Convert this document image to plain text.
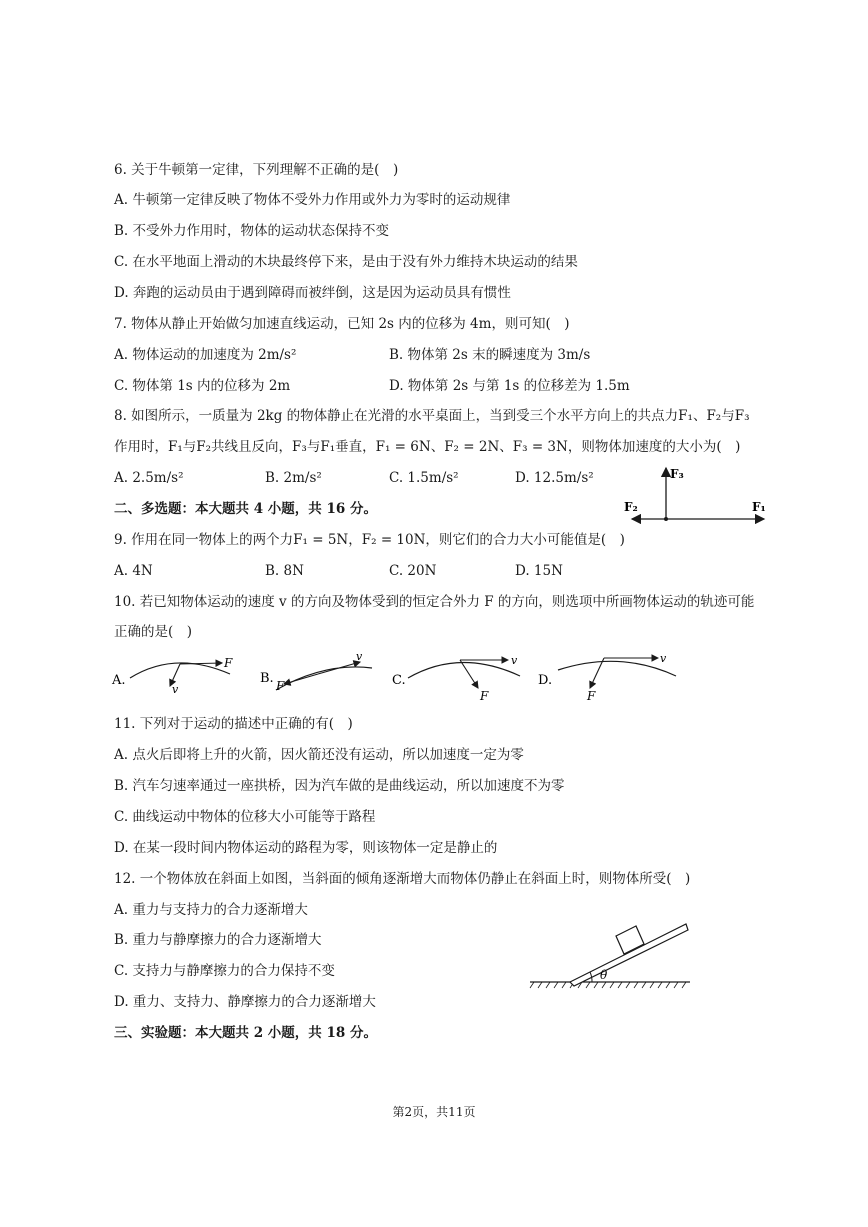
6. 关于牛顿第一定律，下列理解不正确的是(　)
A. 牛顿第一定律反映了物体不受外力作用或外力为零时的运动规律
B. 不受外力作用时，物体的运动状态保持不变
C. 在水平地面上滑动的木块最终停下来，是由于没有外力维持木块运动的结果
D. 奔跑的运动员由于遇到障碍而被绊倒，这是因为运动员具有惯性
7. 物体从静止开始做匀加速直线运动，已知 2s 内的位移为 4m，则可知(　)
A. 物体运动的加速度为 2m/s²	B. 物体第 2s 末的瞬速度为 3m/s
C. 物体第 1s 内的位移为 2m	D. 物体第 2s 与第 1s 的位移差为 1.5m
8. 如图所示，一质量为 2kg 的物体静止在光滑的水平桌面上，当到受三个水平方向上的共点力F₁、F₂与F₃
作用时，F₁与F₂共线且反向，F₃与F₁垂直，F₁ = 6N、F₂ = 2N、F₃ = 3N，则物体加速度的大小为(　)
A. 2.5m/s²	B. 2m/s²	C. 1.5m/s²	D. 12.5m/s²	F₃
F₂	F₁
二、多选题：本大题共 4 小题，共 16 分。
9. 作用在同一物体上的两个力F₁ = 5N，F₂ = 10N，则它们的合力大小可能值是(　)
A. 4N	B. 8N	C. 20N	D. 15N
10. 若已知物体运动的速度 v 的方向及物体受到的恒定合外力 F 的方向，则选项中所画物体运动的轨迹可能
正确的是(　)
A.
F
v
B.
v
F	C.
v
F
D.
v
F
11. 下列对于运动的描述中正确的有(　)
A. 点火后即将上升的火箭，因火箭还没有运动，所以加速度一定为零
B. 汽车匀速率通过一座拱桥，因为汽车做的是曲线运动，所以加速度不为零
C. 曲线运动中物体的位移大小可能等于路程
D. 在某一段时间内物体运动的路程为零，则该物体一定是静止的
12. 一个物体放在斜面上如图，当斜面的倾角逐渐增大而物体仍静止在斜面上时，则物体所受(　)
A. 重力与支持力的合力逐渐增大
B. 重力与静摩擦力的合力逐渐增大
C. 支持力与静摩擦力的合力保持不变
D. 重力、支持力、静摩擦力的合力逐渐增大
θ
三、实验题：本大题共 2 小题，共 18 分。
第2页，共11页
